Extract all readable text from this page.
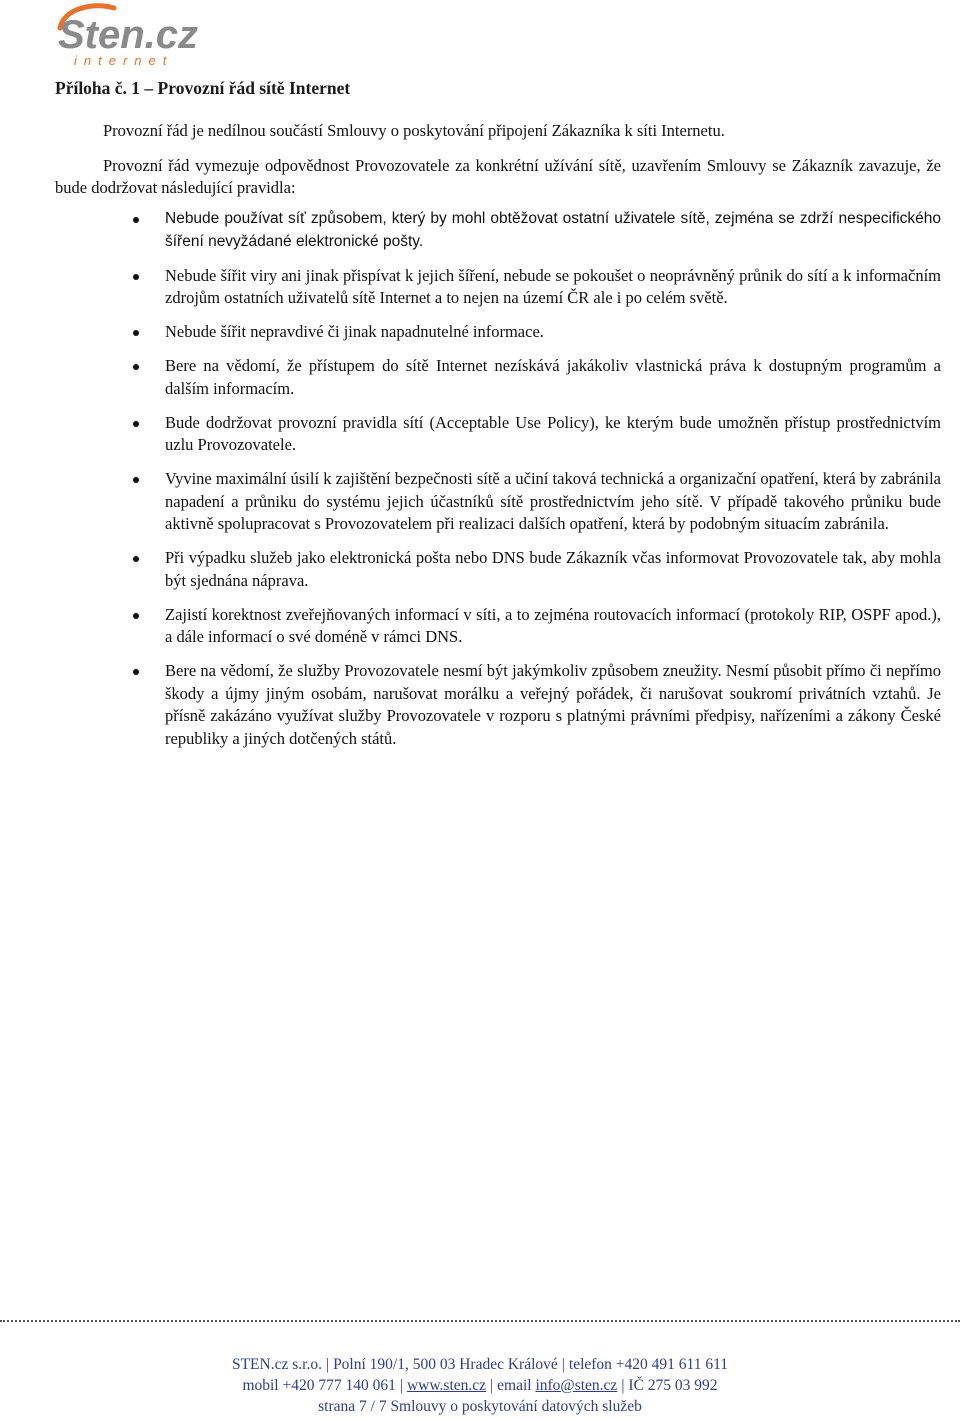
Sten.cz
internet
Příloha č. 1 – Provozní řád sítě Internet
Provozní řád je nedílnou součástí Smlouvy o poskytování připojení Zákazníka k síti Internetu.
Provozní řád vymezuje odpovědnost Provozovatele za konkrétní užívání sítě, uzavřením Smlouvy se Zákazník zavazuje, že bude dodržovat následující pravidla:
Nebude používat síť způsobem, který by mohl obtěžovat ostatní uživatele sítě, zejména se zdrží nespecifického šíření nevyžádané elektronické pošty.
Nebude šířit viry ani jinak přispívat k jejich šíření, nebude se pokoušet o neoprávněný průnik do sítí a k informačním zdrojům ostatních uživatelů sítě Internet a to nejen na území ČR ale i po celém světě.
Nebude šířit nepravdivé či jinak napadnutelné informace.
Bere na vědomí, že přístupem do sítě Internet nezískává jakákoliv vlastnická práva k dostupným programům a dalším informacím.
Bude dodržovat provozní pravidla sítí (Acceptable Use Policy), ke kterým bude umožněn přístup prostřednictvím uzlu Provozovatele.
Vyvine maximální úsilí k zajištění bezpečnosti sítě a učiní taková technická a organizační opatření, která by zabránila napadení a průniku do systému jejich účastníků sítě prostřednictvím jeho sítě. V případě takového průniku bude aktivně spolupracovat s Provozovatelem při realizaci dalších opatření, která by podobným situacím zabránila.
Při výpadku služeb jako elektronická pošta nebo DNS bude Zákazník včas informovat Provozovatele tak, aby mohla být sjednána náprava.
Zajistí korektnost zveřejňovaných informací v síti, a to zejména routovacích informací (protokoly RIP, OSPF apod.), a dále informací o své doméně v rámci DNS.
Bere na vědomí, že služby Provozovatele nesmí být jakýmkoliv způsobem zneužity. Nesmí působit přímo či nepřímo škody a újmy jiným osobám, narušovat morálku a veřejný pořádek, či narušovat soukromí privátních vztahů. Je přísně zakázáno využívat služby Provozovatele v rozporu s platnými právními předpisy, nařízeními a zákony České republiky a jiných dotčených států.
STEN.cz s.r.o. | Polní 190/1, 500 03 Hradec Králové | telefon +420 491 611 611
mobil +420 777 140 061 | www.sten.cz | email info@sten.cz | IČ 275 03 992
strana 7 / 7 Smlouvy o poskytování datových služeb
